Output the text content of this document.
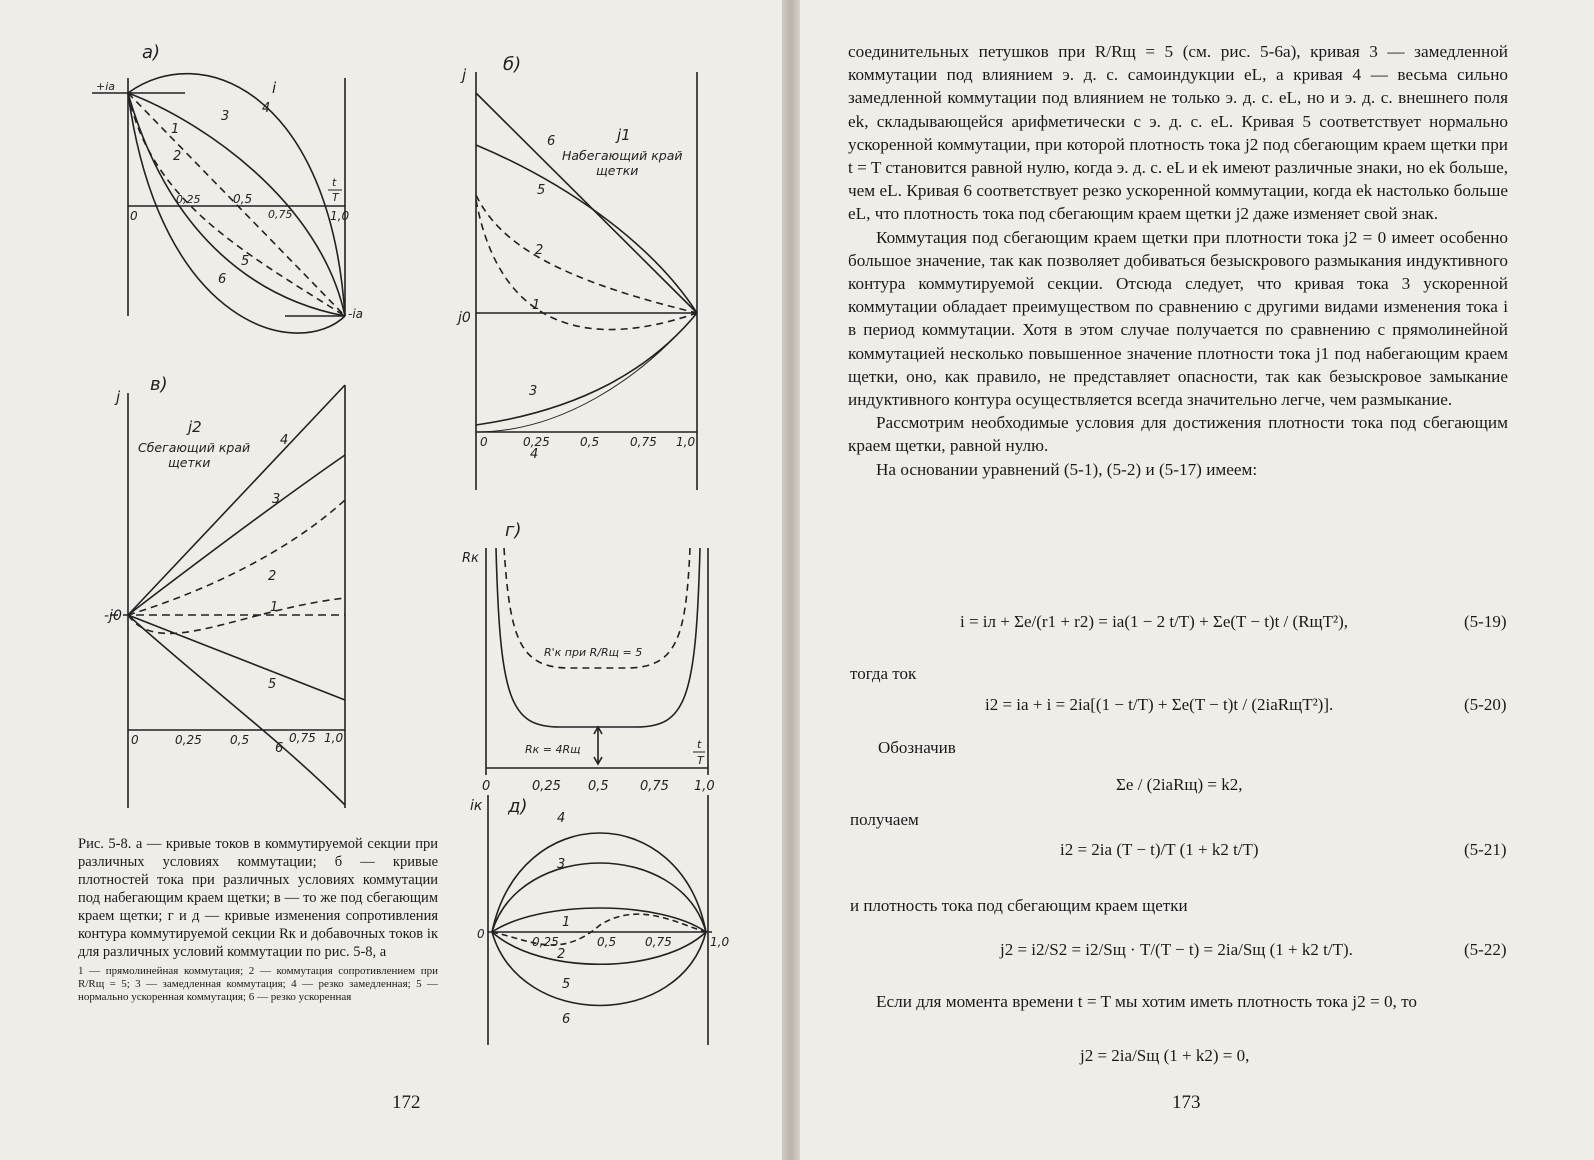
а)
+iа
-iа
0
0,25	0,5
0,75	1,0
t
T
i
1
2
3
4
5
6
б)
j
j0
j1
Набегающий край
щетки
0	0,25	0,5	0,75 1,0
1
2
3
4
5
6
в)
j
-j0
j2
Сбегающий край
щетки
0	0,25 0,5	0,75 1,0
1
2
3
4
5
6
г)
Rк
R'к при R/Rщ = 5
Rк = 4Rщ	t
T
0	0,25 0,5 0,75 1,0
д)
iк
0
0,25	0,5 0,75	1,0
1
2
3
4
5
6
Рис. 5-8. а — кривые токов в коммутируемой секции при различных условиях коммутации; б — кривые плотностей тока при различных условиях коммутации под набегающим краем щетки; в — то же под сбегающим краем щетки; г и д — кривые изменения сопротивления контура коммутируемой секции Rк и добавочных токов iк для различных условий коммутации по рис. 5-8, а
1 — прямолинейная коммутация; 2 — коммутация сопротивлением при R/Rщ = 5; 3 — замедленная коммутация; 4 — резко замедленная; 5 — нормально ускоренная коммутация; 6 — резко ускоренная
172

соединительных петушков при R/Rщ = 5 (см. рис. 5-6а), кривая 3 — замедленной коммутации под влиянием э. д. с. самоиндукции eL, а кривая 4 — весьма сильно замедленной коммутации под влиянием не только э. д. с. eL, но и э. д. с. внешнего поля ek, складывающейся арифметически с э. д. с. eL. Кривая 5 соответствует нормально ускоренной коммутации, при которой плотность тока j2 под сбегающим краем щетки при t = T становится равной нулю, когда э. д. с. eL и ek имеют различные знаки, но ek больше, чем eL. Кривая 6 соответствует резко ускоренной коммутации, когда ek настолько больше eL, что плотность тока под сбегающим краем щетки j2 даже изменяет свой знак.

Коммутация под сбегающим краем щетки при плотности тока j2 = 0 имеет особенно большое значение, так как позволяет добиваться безыскрового размыкания индуктивного контура коммутируемой секции. Отсюда следует, что кривая тока 3 ускоренной коммутации обладает преимуществом по сравнению с другими видами изменения тока i в период коммутации. Хотя в этом случае получается по сравнению с прямолинейной коммутацией несколько повышенное значение плотности тока j1 под набегающим краем щетки, оно, как правило, не представляет опасности, так как безыскровое замыкание индуктивного контура осуществляется всегда значительно легче, чем размыкание.

Рассмотрим необходимые условия для достижения плотности тока под сбегающим краем щетки, равной нулю.

На основании уравнений (5-1), (5-2) и (5-17) имеем:

i = iл + Σe/(r1 + r2) = ia(1 − 2 t/T) + Σe(T − t)t / (RщT²),	(5-19)
тогда ток
i2 = ia + i = 2ia[(1 − t/T) + Σe(T − t)t / (2iaRщT²)].	(5-20)
Обозначив
Σe / (2iaRщ) = k2,
получаем
i2 = 2ia (T − t)/T (1 + k2 t/T)	(5-21)
и плотность тока под сбегающим краем щетки
j2 = i2/S2 = i2/Sщ · T/(T − t) = 2ia/Sщ (1 + k2 t/T).	(5-22)

Если для момента времени t = T мы хотим иметь плотность тока j2 = 0, то

j2 = 2ia/Sщ (1 + k2) = 0,
173
